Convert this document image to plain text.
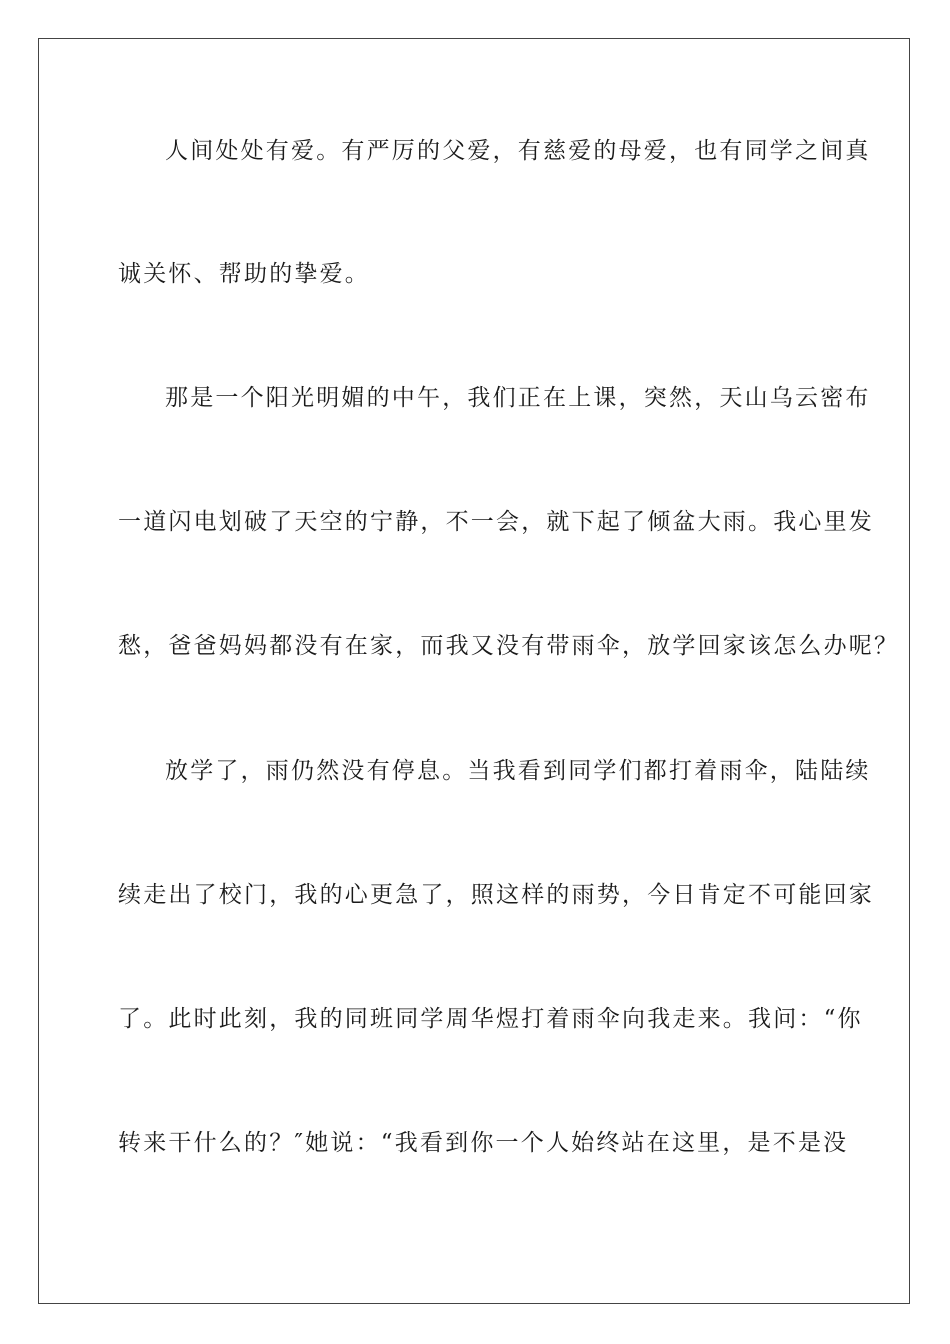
人间处处有爱。有严厉的父爱，有慈爱的母爱，也有同学之间真
诚关怀、帮助的挚爱。
那是一个阳光明媚的中午，我们正在上课，突然，天山乌云密布
一道闪电划破了天空的宁静，不一会，就下起了倾盆大雨。我心里发
愁，爸爸妈妈都没有在家，而我又没有带雨伞，放学回家该怎么办呢？
放学了，雨仍然没有停息。当我看到同学们都打着雨伞，陆陆续
续走出了校门，我的心更急了，照这样的雨势，今日肯定不可能回家
了。此时此刻，我的同班同学周华煜打着雨伞向我走来。我问：“你
转来干什么的？″她说：“我看到你一个人始终站在这里，是不是没
